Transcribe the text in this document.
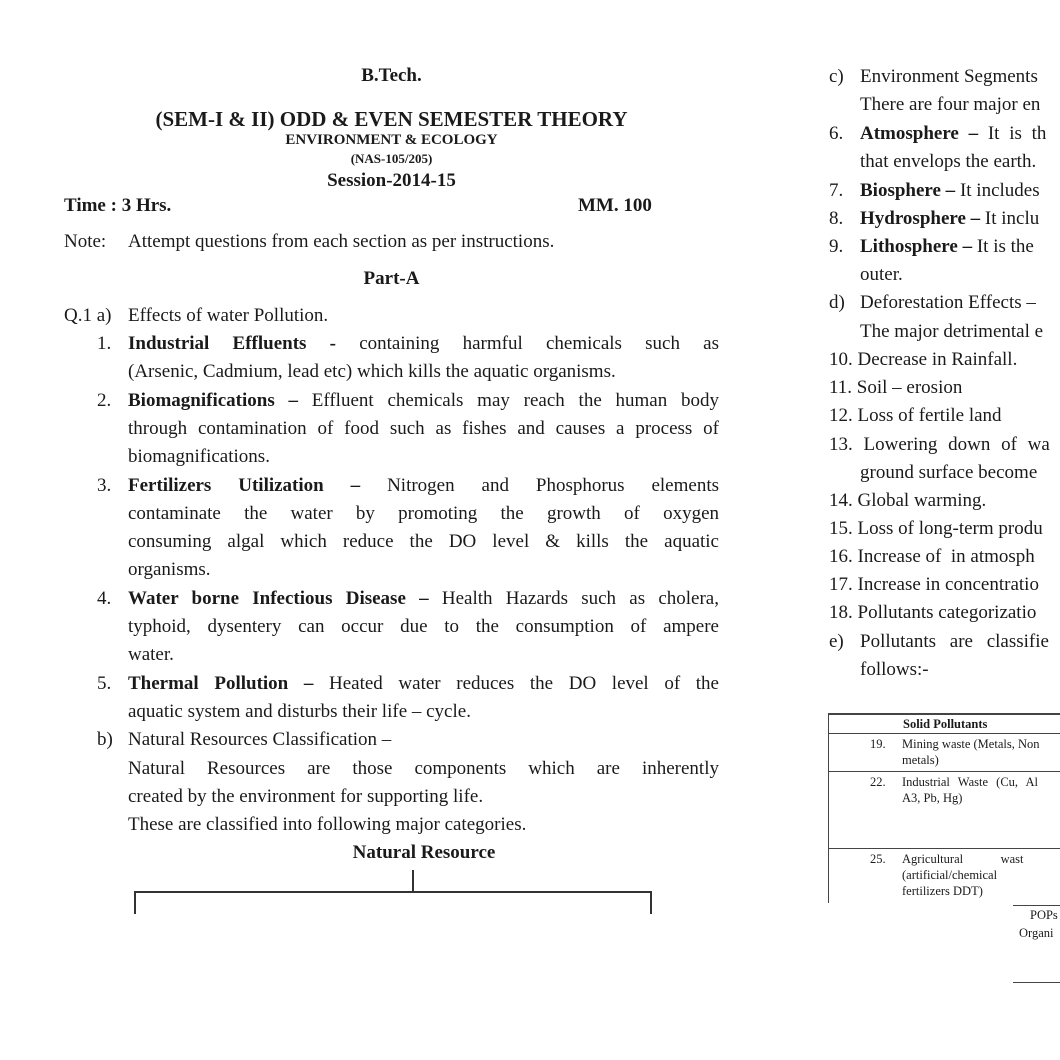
B.Tech.
(SEM-I & II) ODD & EVEN SEMESTER THEORY
ENVIRONMENT & ECOLOGY
(NAS-105/205)
Session-2014-15
Time : 3 Hrs.	MM. 100
Note: Attempt questions from each section as per instructions.
Part-A
Q.1 a) Effects of water Pollution.
1. Industrial Effluents - containing harmful chemicals such as
(Arsenic, Cadmium, lead etc) which kills the aquatic organisms.
2. Biomagnifications – Effluent chemicals may reach the human body
through contamination of food such as fishes and causes a process of
biomagnifications.
3. Fertilizers Utilization – Nitrogen and Phosphorus elements
contaminate the water by promoting the growth of oxygen
consuming algal which reduce the DO level & kills the aquatic
organisms.
4. Water borne Infectious Disease – Health Hazards such as cholera,
typhoid, dysentery can occur due to the consumption of ampere
water.
5. Thermal Pollution – Heated water reduces the DO level of the
aquatic system and disturbs their life – cycle.
b) Natural Resources Classification –
Natural Resources are those components which are inherently
created by the environment for supporting life.
These are classified into following major categories.
Natural Resource
c) Environment Segments
There are four major en
6. Atmosphere – It is th
that envelops the earth.
7. Biosphere – It includes
8. Hydrosphere – It inclu
9. Lithosphere – It is the
outer.
d) Deforestation Effects –
The major detrimental e
10. Decrease in Rainfall.
11. Soil – erosion
12. Loss of fertile land
13. Lowering down of wa
ground surface become
14. Global warming.
15. Loss of long-term produ
16. Increase of  in atmosph
17. Increase in concentratio
18. Pollutants categorizatio
e) Pollutants are classifie
follows:-
Solid Pollutants
19. Mining waste (Metals, Non
metals)
22. Industrial Waste (Cu, Al
A3, Pb, Hg)
25. Agricultural            wast
(artificial/chemical
fertilizers DDT)
POPs
Organi
